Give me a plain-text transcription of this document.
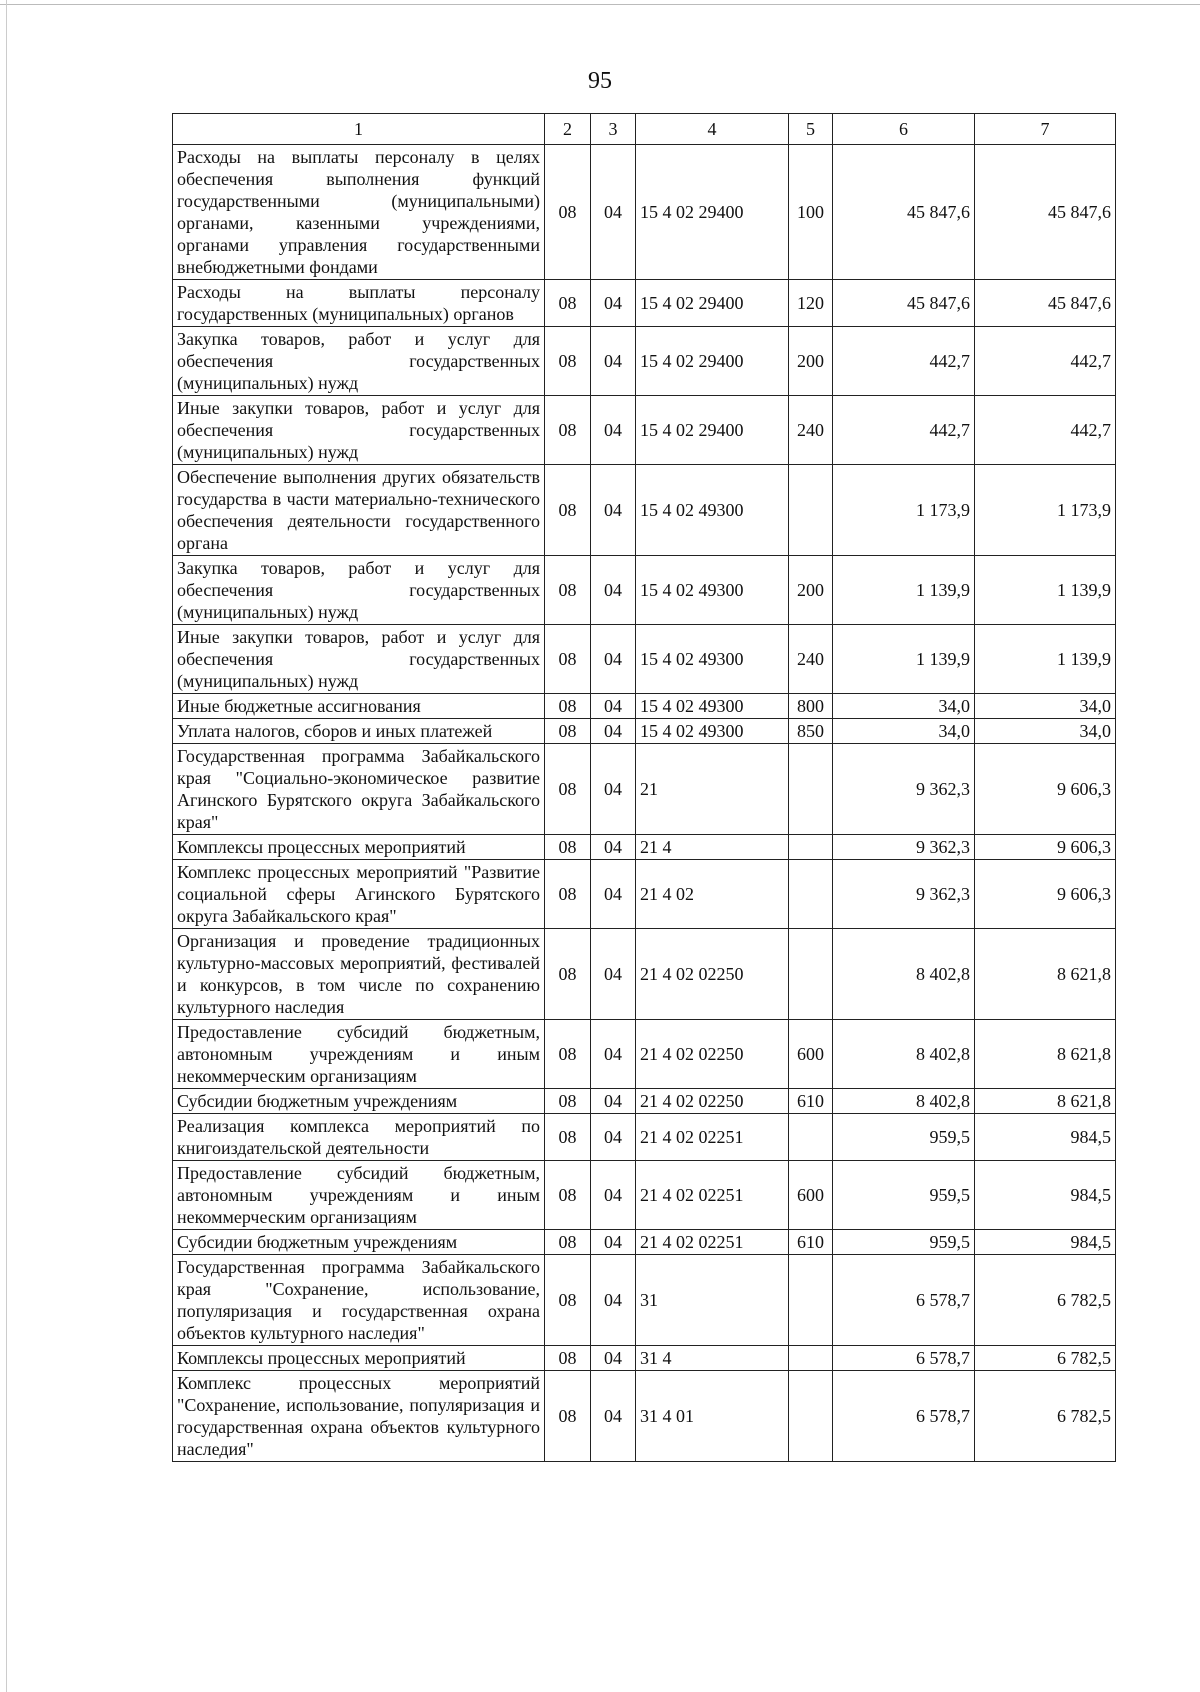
95
1	2	3	4	5	6	7
Расходы на выплаты персоналу в целях обеспечения выполнения функций государственными (муниципальными) органами, казенными учреждениями, органами управления государственными внебюджетными фондами	08	04	15 4 02 29400	100	45 847,6	45 847,6
Расходы на выплаты персоналу государственных (муниципальных) органов	08	04	15 4 02 29400	120	45 847,6	45 847,6
Закупка товаров, работ и услуг для обеспечения государственных (муниципальных) нужд	08	04	15 4 02 29400	200	442,7	442,7
Иные закупки товаров, работ и услуг для обеспечения государственных (муниципальных) нужд	08	04	15 4 02 29400	240	442,7	442,7
Обеспечение выполнения других обязательств государства в части материально-технического обеспечения деятельности государственного органа	08	04	15 4 02 49300		1 173,9	1 173,9
Закупка товаров, работ и услуг для обеспечения государственных (муниципальных) нужд	08	04	15 4 02 49300	200	1 139,9	1 139,9
Иные закупки товаров, работ и услуг для обеспечения государственных (муниципальных) нужд	08	04	15 4 02 49300	240	1 139,9	1 139,9
Иные бюджетные ассигнования	08	04	15 4 02 49300	800	34,0	34,0
Уплата налогов, сборов и иных платежей	08	04	15 4 02 49300	850	34,0	34,0
Государственная программа Забайкальского края "Социально-экономическое развитие Агинского Бурятского округа Забайкальского края"	08	04	21		9 362,3	9 606,3
Комплексы процессных мероприятий	08	04	21 4		9 362,3	9 606,3
Комплекс процессных мероприятий "Развитие социальной сферы Агинского Бурятского округа Забайкальского края"	08	04	21 4 02		9 362,3	9 606,3
Организация и проведение традиционных культурно-массовых мероприятий, фестивалей и конкурсов, в том числе по сохранению культурного наследия	08	04	21 4 02 02250		8 402,8	8 621,8
Предоставление субсидий бюджетным, автономным учреждениям и иным некоммерческим организациям	08	04	21 4 02 02250	600	8 402,8	8 621,8
Субсидии бюджетным учреждениям	08	04	21 4 02 02250	610	8 402,8	8 621,8
Реализация комплекса мероприятий по книгоиздательской деятельности	08	04	21 4 02 02251		959,5	984,5
Предоставление субсидий бюджетным, автономным учреждениям и иным некоммерческим организациям	08	04	21 4 02 02251	600	959,5	984,5
Субсидии бюджетным учреждениям	08	04	21 4 02 02251	610	959,5	984,5
Государственная программа Забайкальского края "Сохранение, использование, популяризация и государственная охрана объектов культурного наследия"	08	04	31		6 578,7	6 782,5
Комплексы процессных мероприятий	08	04	31 4		6 578,7	6 782,5
Комплекс процессных мероприятий "Сохранение, использование, популяризация и государственная охрана объектов культурного наследия"	08	04	31 4 01		6 578,7	6 782,5
